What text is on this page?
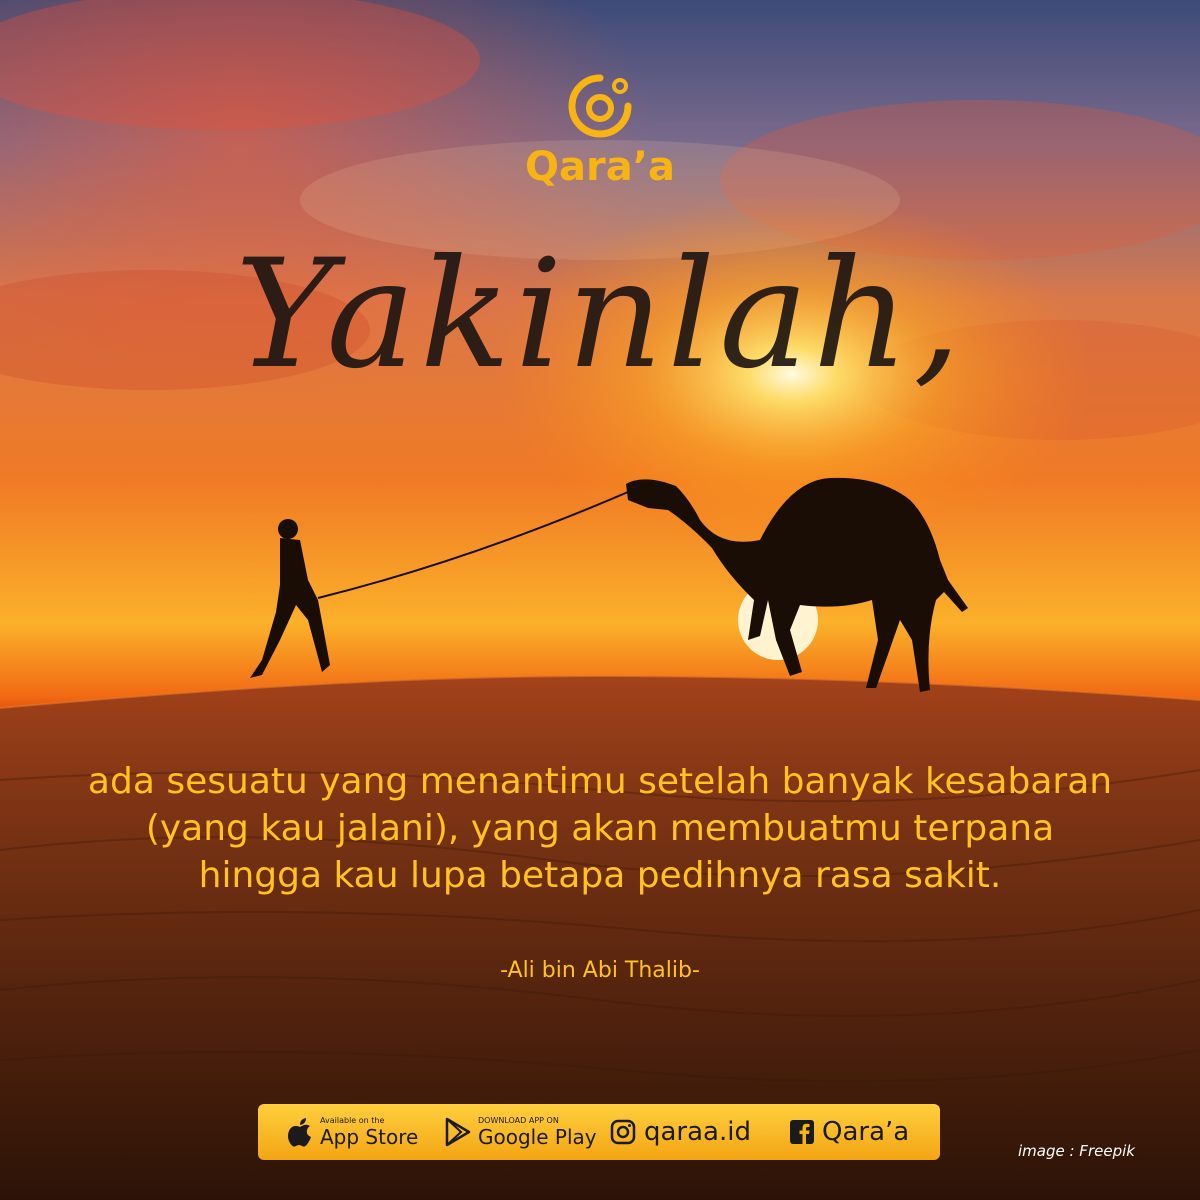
Qara’a
Yakinlah,
ada sesuatu yang menantimu setelah banyak kesabaran
(yang kau jalani), yang akan membuatmu terpana
hingga kau lupa betapa pedihnya rasa sakit.
-Ali bin Abi Thalib-
Available on the
App Store
DOWNLOAD APP ON
Google Play qaraa.id	Qara’a
image : Freepik
